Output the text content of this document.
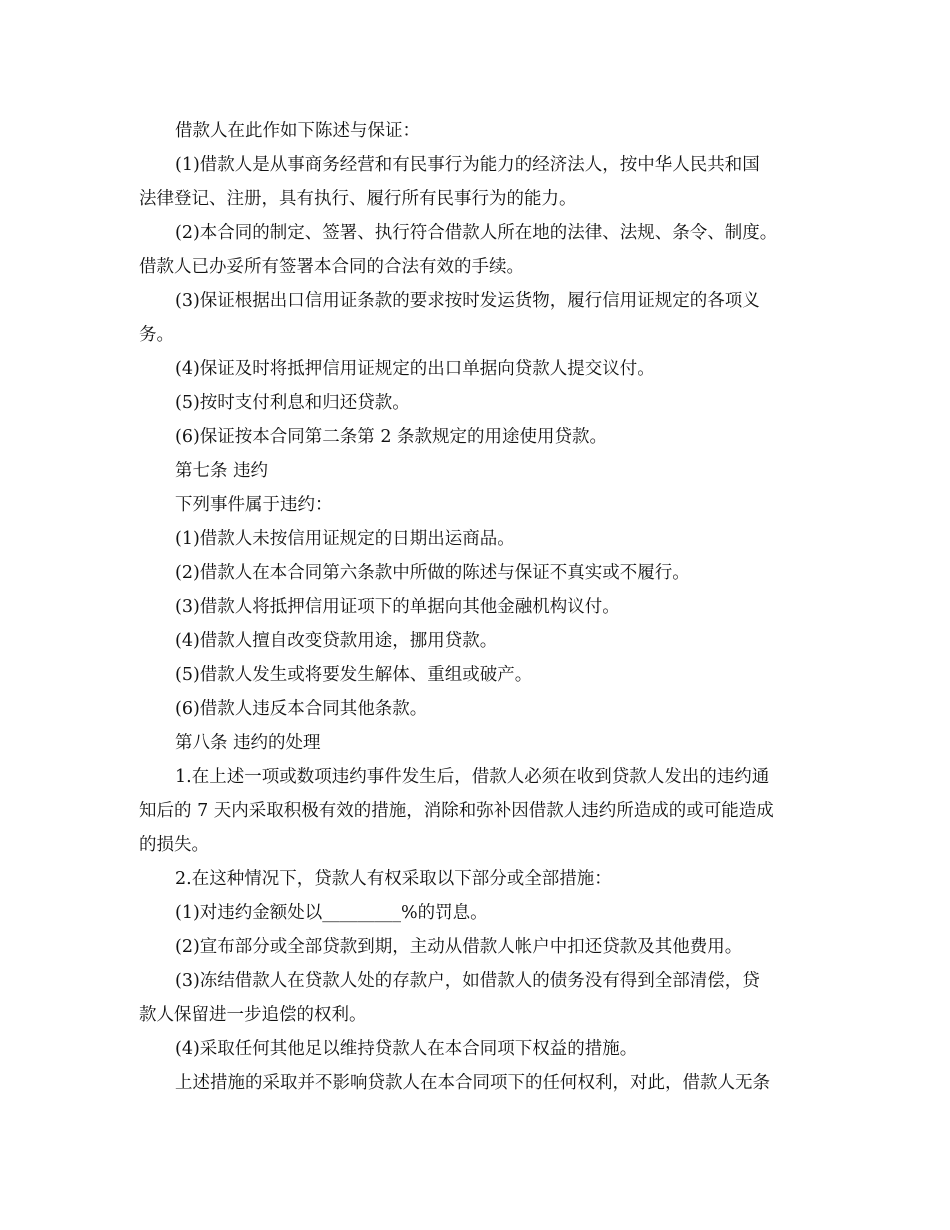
借款人在此作如下陈述与保证：
(1)借款人是从事商务经营和有民事行为能力的经济法人，按中华人民共和国
法律登记、注册，具有执行、履行所有民事行为的能力。
(2)本合同的制定、签署、执行符合借款人所在地的法律、法规、条令、制度。
借款人已办妥所有签署本合同的合法有效的手续。
(3)保证根据出口信用证条款的要求按时发运货物，履行信用证规定的各项义
务。
(4)保证及时将抵押信用证规定的出口单据向贷款人提交议付。
(5)按时支付利息和归还贷款。
(6)保证按本合同第二条第 2 条款规定的用途使用贷款。
第七条 违约
下列事件属于违约：
(1)借款人未按信用证规定的日期出运商品。
(2)借款人在本合同第六条款中所做的陈述与保证不真实或不履行。
(3)借款人将抵押信用证项下的单据向其他金融机构议付。
(4)借款人擅自改变贷款用途，挪用贷款。
(5)借款人发生或将要发生解体、重组或破产。
(6)借款人违反本合同其他条款。
第八条 违约的处理
1.在上述一项或数项违约事件发生后，借款人必须在收到贷款人发出的违约通
知后的 7 天内采取积极有效的措施，消除和弥补因借款人违约所造成的或可能造成
的损失。
2.在这种情况下，贷款人有权采取以下部分或全部措施：
(1)对违约金额处以_________%的罚息。
(2)宣布部分或全部贷款到期，主动从借款人帐户中扣还贷款及其他费用。
(3)冻结借款人在贷款人处的存款户，如借款人的债务没有得到全部清偿，贷
款人保留进一步追偿的权利。
(4)采取任何其他足以维持贷款人在本合同项下权益的措施。
上述措施的采取并不影响贷款人在本合同项下的任何权利，对此，借款人无条
